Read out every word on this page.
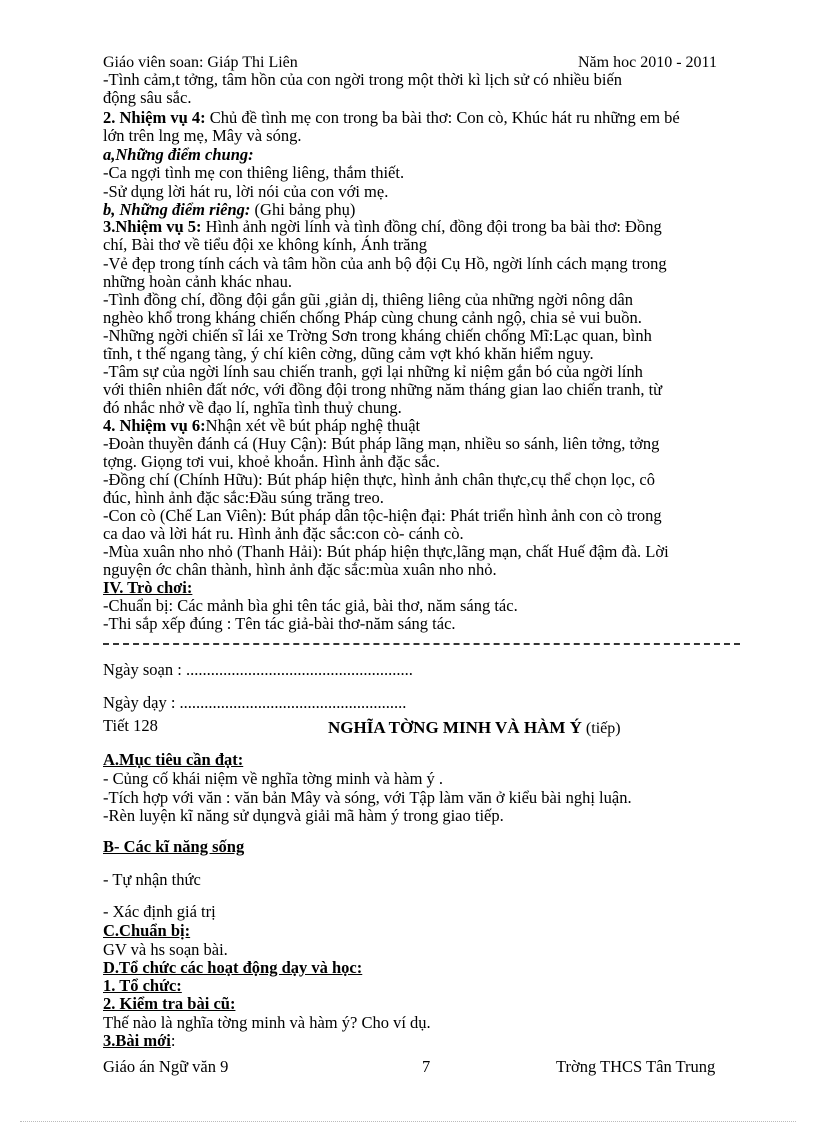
Giáo viên soan: Giáp Thi Liên	Năm hoc 2010 - 2011
-Tình cảm,t tởng, tâm hồn của con ngời trong một thời kì lịch sử có nhiều biến
động sâu sắc.
2. Nhiệm vụ 4: Chủ đề tình mẹ con trong ba bài thơ: Con cò, Khúc hát ru những em bé
lớn trên lng mẹ, Mây và sóng.
a,Những điểm chung:
-Ca ngợi tình mẹ con thiêng liêng, thắm thiết.
-Sử dụng lời hát ru, lời nói của con với mẹ.
b, Những điểm riêng: (Ghi bảng phụ)
3.Nhiệm vụ 5: Hình ảnh ngời lính và tình đồng chí, đồng đội trong ba bài thơ: Đồng
chí, Bài thơ về tiểu đội xe không kính, Ánh trăng
-Vẻ đẹp trong tính cách và tâm hồn của anh bộ đội Cụ Hồ, ngời lính cách mạng trong
những hoàn cảnh khác nhau.
-Tình đồng chí, đồng đội gắn gũi ,giản dị, thiêng liêng của những ngời nông dân
nghèo khổ trong kháng chiến chống Pháp cùng chung cảnh ngộ, chia sẻ vui buồn.
-Những ngời chiến sĩ lái xe Trờng Sơn trong kháng chiến chống Mĩ:Lạc quan, bình
tĩnh, t thế ngang tàng, ý chí kiên cờng, dũng cảm vợt khó khăn hiểm nguy.
-Tâm sự của ngời lính sau chiến tranh, gợi lại những kỉ niệm gắn bó của ngời lính
với thiên nhiên đất nớc, với đồng đội trong những năm tháng gian lao chiến tranh, từ
đó nhắc nhở về đạo lí, nghĩa tình thuỷ chung.
4. Nhiệm vụ 6:Nhận xét về bút pháp nghệ thuật
-Đoàn thuyền đánh cá (Huy Cận): Bút pháp lãng mạn, nhiều so sánh, liên tởng, tởng
tợng. Giọng tơi vui, khoẻ khoắn. Hình ảnh đặc sắc.
-Đồng chí (Chính Hữu): Bút pháp hiện thực, hình ảnh chân thực,cụ thể chọn lọc, cô
đúc, hình ảnh đặc sắc:Đầu súng trăng treo.
-Con cò (Chế Lan Viên): Bút pháp dân tộc-hiện đại: Phát triển hình ảnh con cò trong
ca dao và lời hát ru. Hình ảnh đặc sắc:con cò- cánh cò.
-Mùa xuân nho nhỏ (Thanh Hải): Bút pháp hiện thực,lãng mạn, chất Huế đậm đà. Lời
nguyện ớc chân thành, hình ảnh đặc sắc:mùa xuân nho nhỏ.
IV. Trò chơi:
-Chuẩn bị: Các mảnh bìa ghi tên tác giả, bài thơ, năm sáng tác.
-Thi sắp xếp đúng : Tên tác giả-bài thơ-năm sáng tác.
Ngày soạn : .......................................................
Ngày dạy : .......................................................
Tiết 128	NGHĨA TỜNG MINH VÀ HÀM Ý (tiếp)
A.Mục tiêu cần đạt:
- Củng cố khái niệm về nghĩa tờng minh và hàm ý .
-Tích hợp với văn : văn bản Mây và sóng, với Tập làm văn ở kiểu bài nghị luận.
-Rèn luyện kĩ năng sử dụngvà giải mã hàm ý trong giao tiếp.
B- Các kĩ năng sống
- Tự nhận thức
- Xác định giá trị
C.Chuẩn bị:
GV và hs soạn bài.
D.Tổ chức các hoạt động dạy và học:
1. Tổ chức:
2. Kiểm tra bài cũ:
Thế nào là nghĩa tờng minh và hàm ý? Cho ví dụ.
3.Bài mới:
Giáo án Ngữ văn 9	7	Trờng THCS Tân Trung
